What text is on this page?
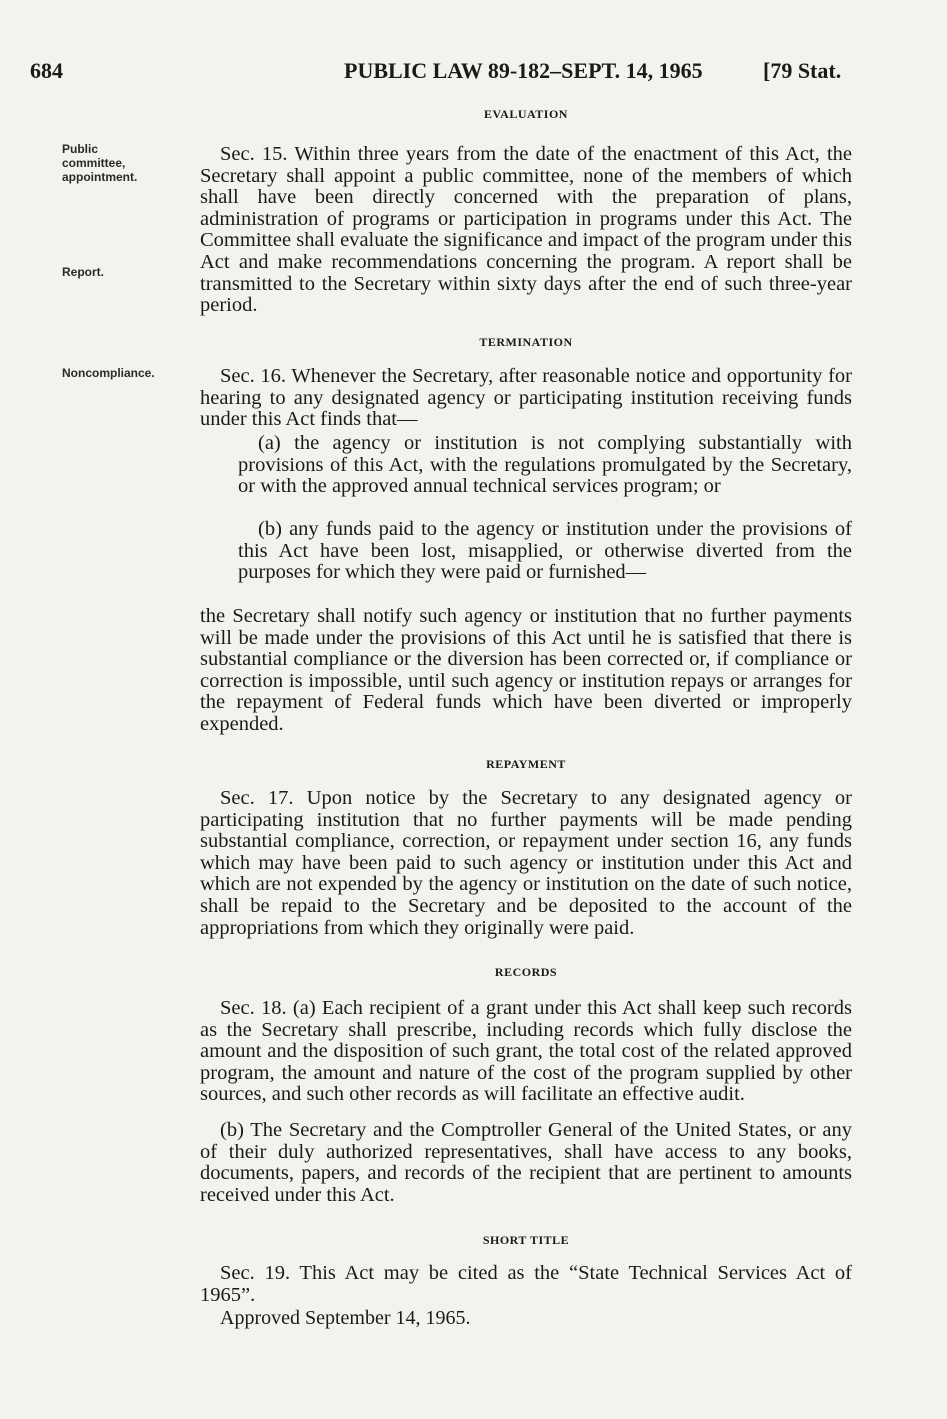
684	PUBLIC LAW 89-182–SEPT. 14, 1965	[79 Stat.
EVALUATION
Public committee, appointment.
Report.

Sec. 15. Within three years from the date of the enactment of this Act, the Secretary shall appoint a public committee, none of the members of which shall have been directly concerned with the preparation of plans, administration of programs or participation in programs under this Act. The Committee shall evaluate the significance and impact of the program under this Act and make recommendations concerning the program. A report shall be transmitted to the Secretary within sixty days after the end of such three-year period.

TERMINATION
Noncompliance.	Sec. 16. Whenever the Secretary, after reasonable notice and opportunity for hearing to any designated agency or participating institution receiving funds under this Act finds that—

(a) the agency or institution is not complying substantially with provisions of this Act, with the regulations promulgated by the Secretary, or with the approved annual technical services program; or

(b) any funds paid to the agency or institution under the provisions of this Act have been lost, misapplied, or otherwise diverted from the purposes for which they were paid or furnished—

the Secretary shall notify such agency or institution that no further payments will be made under the provisions of this Act until he is satisfied that there is substantial compliance or the diversion has been corrected or, if compliance or correction is impossible, until such agency or institution repays or arranges for the repayment of Federal funds which have been diverted or improperly expended.

REPAYMENT

Sec. 17. Upon notice by the Secretary to any designated agency or participating institution that no further payments will be made pending substantial compliance, correction, or repayment under section 16, any funds which may have been paid to such agency or institution under this Act and which are not expended by the agency or institution on the date of such notice, shall be repaid to the Secretary and be deposited to the account of the appropriations from which they originally were paid.

RECORDS

Sec. 18. (a) Each recipient of a grant under this Act shall keep such records as the Secretary shall prescribe, including records which fully disclose the amount and the disposition of such grant, the total cost of the related approved program, the amount and nature of the cost of the program supplied by other sources, and such other records as will facilitate an effective audit.

(b) The Secretary and the Comptroller General of the United States, or any of their duly authorized representatives, shall have access to any books, documents, papers, and records of the recipient that are pertinent to amounts received under this Act.

SHORT TITLE

Sec. 19. This Act may be cited as the “State Technical Services Act of 1965”.

Approved September 14, 1965.
